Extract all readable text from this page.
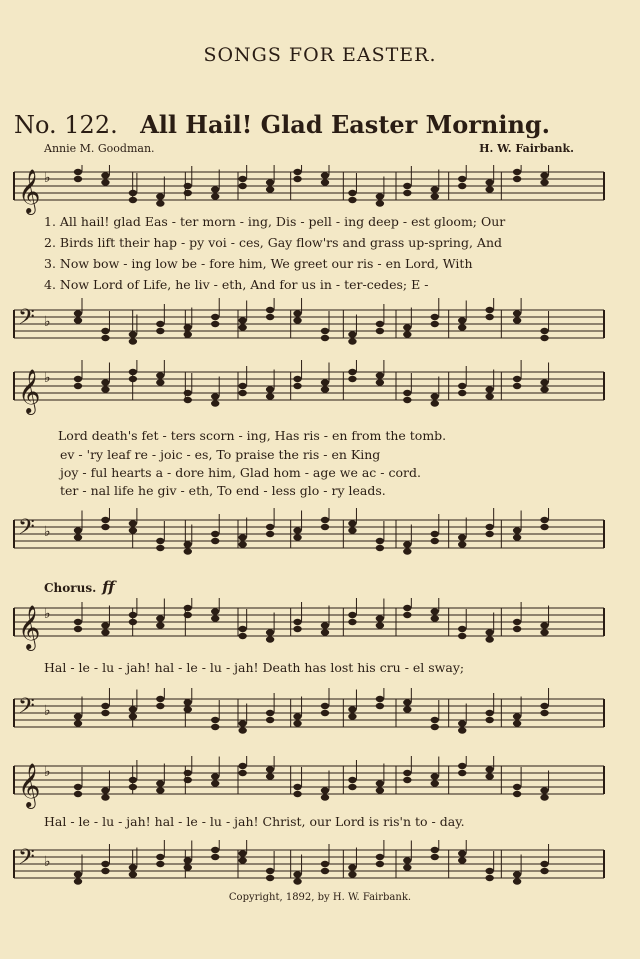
SONGS FOR EASTER.
No. 122. All Hail! Glad Easter Morning.
Annie M. Goodman.	H. W. Fairbank.
𝄞 ♭
1. All hail! glad Eas - ter morn - ing, Dis - pell - ing deep - est gloom; Our
2. Birds lift their hap - py voi - ces, Gay flow'rs and grass up-spring, And
3. Now bow - ing low be - fore him, We greet our ris - en Lord, With
4. Now Lord of Life, he liv - eth, And for us in - ter-cedes; E -
𝄢 ♭
𝄞 ♭
Lord death's fet - ters scorn - ing, Has ris - en from the tomb.
ev - 'ry leaf re - joic - es, To praise the ris - en King
joy - ful hearts a - dore him, Glad hom - age we ac - cord.
ter - nal life he giv - eth, To end - less glo - ry leads.
𝄢 ♭
Chorus. ff
𝄞 ♭
Hal - le - lu - jah! hal - le - lu - jah! Death has lost his cru - el sway;
𝄢 ♭
𝄞 ♭
Hal - le - lu - jah! hal - le - lu - jah! Christ, our Lord is ris'n to - day.
𝄢 ♭
Copyright, 1892, by H. W. Fairbank.
